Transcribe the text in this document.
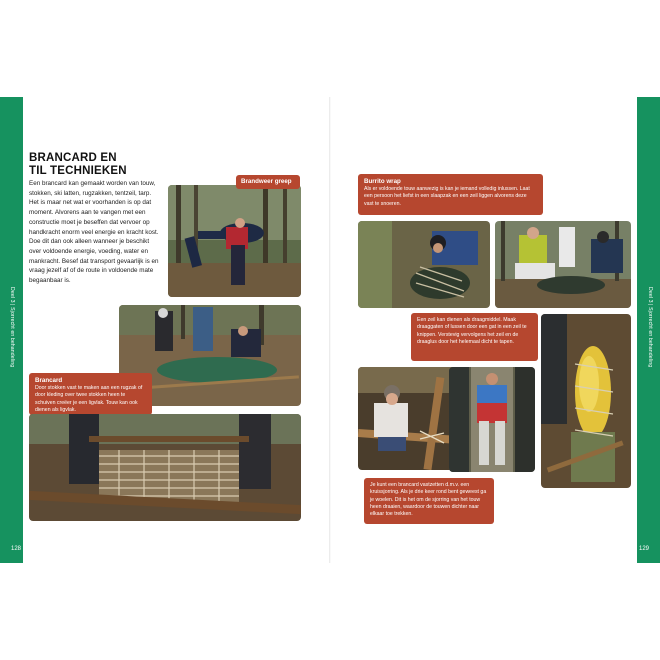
Deel 3 | Sjorrecht en behandeling
128
BRANCARD EN
TIL TECHNIEKEN

Een brancard kan gemaakt worden van touw, stokken, ski latten, rugzakken, tentzeil, tarp. Het is maar net wat er voorhanden is op dat moment. Alvorens aan te vangen met een constructie moet je beseffen dat vervoer op handkracht enorm veel energie en kracht kost. Doe dit dan ook alleen wanneer je beschikt over voldoende energie, voeding, water en mankracht. Besef dat transport gevaarlijk is en vraag jezelf af of de route in voldoende mate begaanbaar is.

Brandweer greep
Brancard
Door stokken vast te maken aan een rugzak of door kleding over twee stokken heen te schuiven creëer je een ligvlak. Touw kan ook dienen als ligvlak.
Deel 3 | Sjorrecht en behandeling
129
Burrito wrap
Als er voldoende touw aanwezig is kan je iemand volledig inlussen. Laat een persoon het liefst in een slaapzak en een zeil liggen alvorens deze vast te snoeren.
Een zeil kan dienen als draagmiddel. Maak draaggaten of lussen door een gat in een zeil te knippen. Verstevig vervolgens het zeil en de draaglus door het helemaal dicht te tapen.
Je kunt een brancard vastzetten d.m.v. een kruissjorring. Als je drie keer rond bent geweest ga je woelen. Dit is het om de sjorring van het touw heen draaien, waardoor de touwen dichter naar elkaar toe trekken.
